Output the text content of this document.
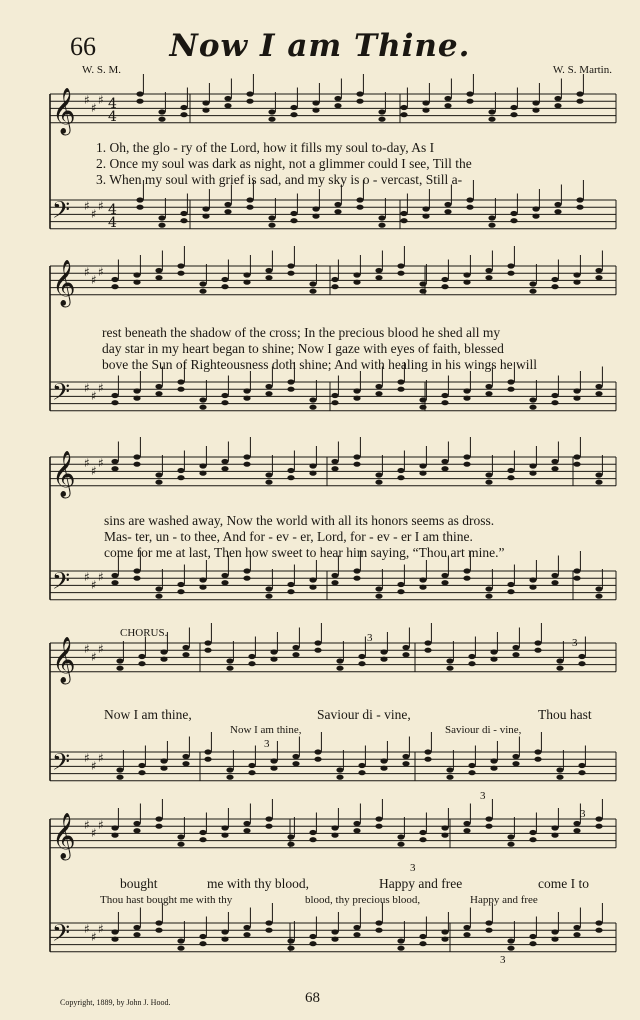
66	Now I am Thine.
W. S. M.	W. S. Martin.
𝄞 ♯
♯
♯
𝄢 ♯
♯
♯
4
4
4
4
𝄞 ♯
♯
♯
𝄢 ♯
♯
♯
𝄞 ♯
♯
♯
𝄢 ♯
♯
♯
𝄞 ♯
♯
♯
𝄢 ♯
♯
♯
𝄞 ♯
♯
♯
𝄢 ♯
♯
♯
1. Oh, the glo - ry of the Lord, how it fills my soul to-day, As I
2. Once my soul was dark as night, not a glimmer could I see, Till the
3. When my soul with grief is sad, and my sky is o - vercast, Still a-
rest beneath the shadow of the cross; In the precious blood he shed all my
day star in my heart began to shine; Now I gaze with eyes of faith, blessed
bove the Sun of Righteousness doth shine; And with healing in his wings he will
sins are washed away, Now the world with all its honors seems as dross.
Mas- ter, un - to thee, And for - ev - er, Lord, for - ev - er I am thine.
come for me at last, Then how sweet to hear him saying, “Thou art mine.”
CHORUS.
Now I am thine,	Saviour di - vine,	Thou hast
Now I am thine,	Saviour di - vine,
bought	me with thy blood,	Happy and free	come I to
Thou hast bought me with thy	blood, thy precious blood,	Happy and free
3	3
3
3
3
3
3
Copyright, 1889, by John J. Hood.	68
